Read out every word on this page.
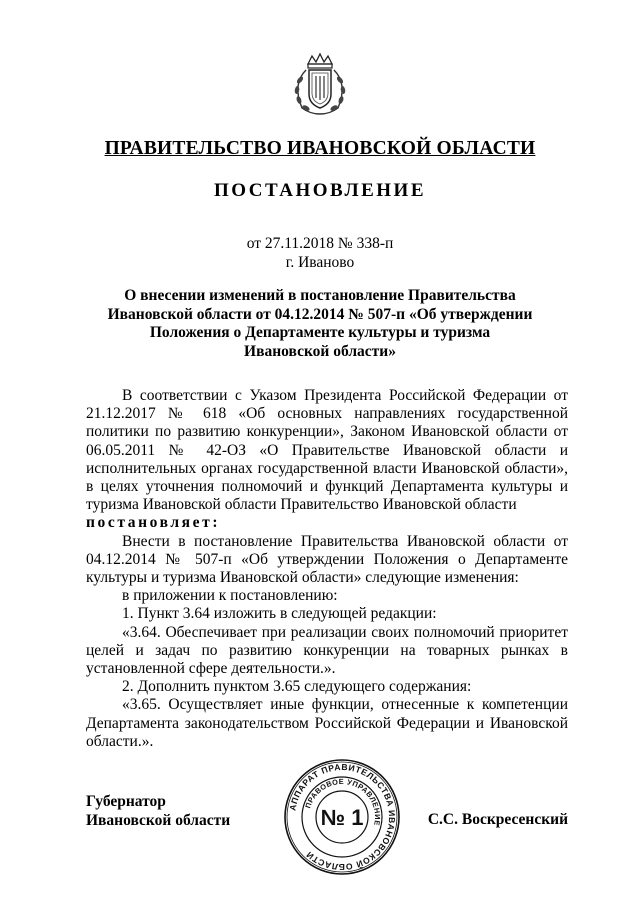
ПРАВИТЕЛЬСТВО ИВАНОВСКОЙ ОБЛАСТИ
ПОСТАНОВЛЕНИЕ
от 27.11.2018 № 338-п
г. Иваново
О внесении изменений в постановление Правительства
Ивановской области от 04.12.2014 № 507-п «Об утверждении
Положения о Департаменте культуры и туризма
Ивановской области»

В соответствии с Указом Президента Российской Федерации от 21.12.2017 № 618 «Об основных направлениях государственной политики по развитию конкуренции», Законом Ивановской области от 06.05.2011 № 42-ОЗ «О Правительстве Ивановской области и исполнительных органах государственной власти Ивановской области», в целях уточнения полномочий и функций Департамента культуры и туризма Ивановской области Правительство Ивановской области

постановляет:

Внести в постановление Правительства Ивановской области от 04.12.2014 № 507-п «Об утверждении Положения о Департаменте культуры и туризма Ивановской области» следующие изменения:

в приложении к постановлению:

1. Пункт 3.64 изложить в следующей редакции:

«3.64. Обеспечивает при реализации своих полномочий приоритет целей и задач по развитию конкуренции на товарных рынках в установленной сфере деятельности.».

2. Дополнить пунктом 3.65 следующего содержания:

«3.65. Осуществляет иные функции, отнесенные к компетенции Департамента законодательством Российской Федерации и Ивановской области.».

Губернатор
Ивановской области
АППАРАТ ПРАВИТЕЛЬСТВА ИВАНОВСКОЙ ОБЛАСТИ
ПРАВОВОЕ УПРАВЛЕНИЕ
№ 1	С.С. Воскресенский
